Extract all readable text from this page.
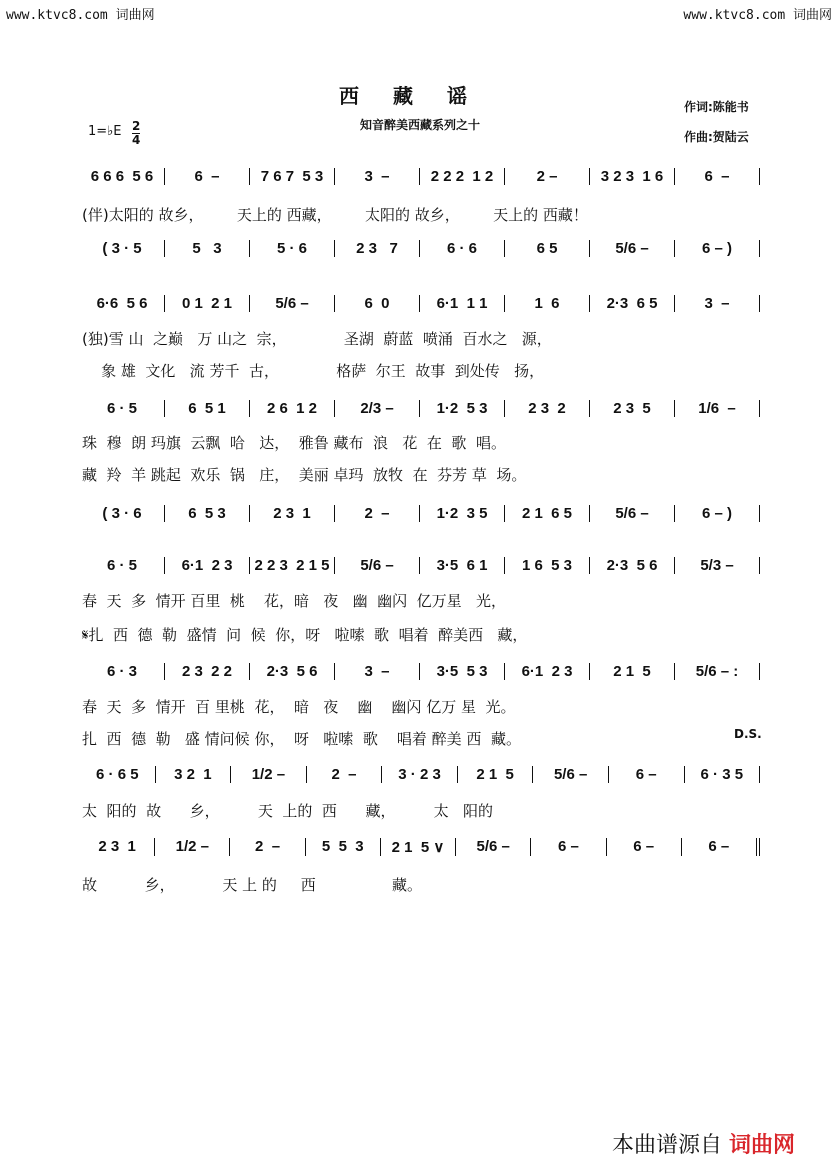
www.ktvc8.com 词曲网	www.ktvc8.com 词曲网
西藏谣
知音醉美西藏系列之十
作词:陈能书
作曲:贺陆云
1=♭E $\frac{2}{4}$
6 6 6  5 6	6  –	7 6 7  5 3	3  –	2 2 2  1 2	2 –	3 2 3  1 6	6  –
(伴)太阳的 故乡，       天上的 西藏，       太阳的 故乡，       天上的 西藏！
( 3 · 5	5   3	5 · 6	2 3   7	6 · 6	6 5	5/6 –	6 – )
6·6  5 6	0 1  2 1	5/6 –	6  0	6·1  1 1	1  6	2·3  6 5	3  –
(独)雪 山  之巅   万 山之  宗，            圣湖  蔚蓝  喷涌  百水之   源，
象 雄  文化   流 芳千  古，            格萨  尔王  故事  到处传   扬，
6 · 5	6  5 1	2 6  1 2	2/3 –	1·2  5 3	2 3  2	2 3  5	1/6  –
珠  穆  朗 玛旗  云飘  哈   达，  雅鲁 藏布  浪   花  在  歌  唱。
藏  羚  羊 跳起  欢乐  锅   庄，  美丽 卓玛  放牧  在  芬芳 草  场。
( 3 · 6	6  5 3	2 3  1	2  –	1·2  3 5	2 1  6 5	5/6 –	6 – )
6 · 5	6·1  2 3	2 2 3  2 1 5	5/6 –	3·5  6 1	1 6  5 3	2·3  5 6	5/3 –
春  天  多  情开 百里  桃    花，暗   夜   幽  幽闪  亿万星   光，
𝄋扎  西  德  勒  盛情  问  候  你，呀   啦嗦  歌  唱着  醉美西   藏，
6 · 3	2 3  2 2	2·3  5 6	3  –	3·5  5 3	6·1  2 3	2 1  5	5/6 – :
春  天  多  情开  百 里桃  花，  暗   夜    幽    幽闪 亿万 星  光。
扎  西  德  勒   盛 情问候 你，  呀   啦嗦  歌    唱着 醉美 西  藏。
6 · 6 5	3 2  1	1/2 –	2  –	3 · 2 3	2 1  5	5/6 –	6 –	6 · 3 5
太  阳的  故      乡，        天  上的  西      藏，        太   阳的
2 3  1	1/2 –	2  –	5  5  3	2 1  5 ∨	5/6 –	6 –	6 –	6 –
故          乡，          天 上 的     西                藏。
D.S.
本曲谱源自 词曲网
